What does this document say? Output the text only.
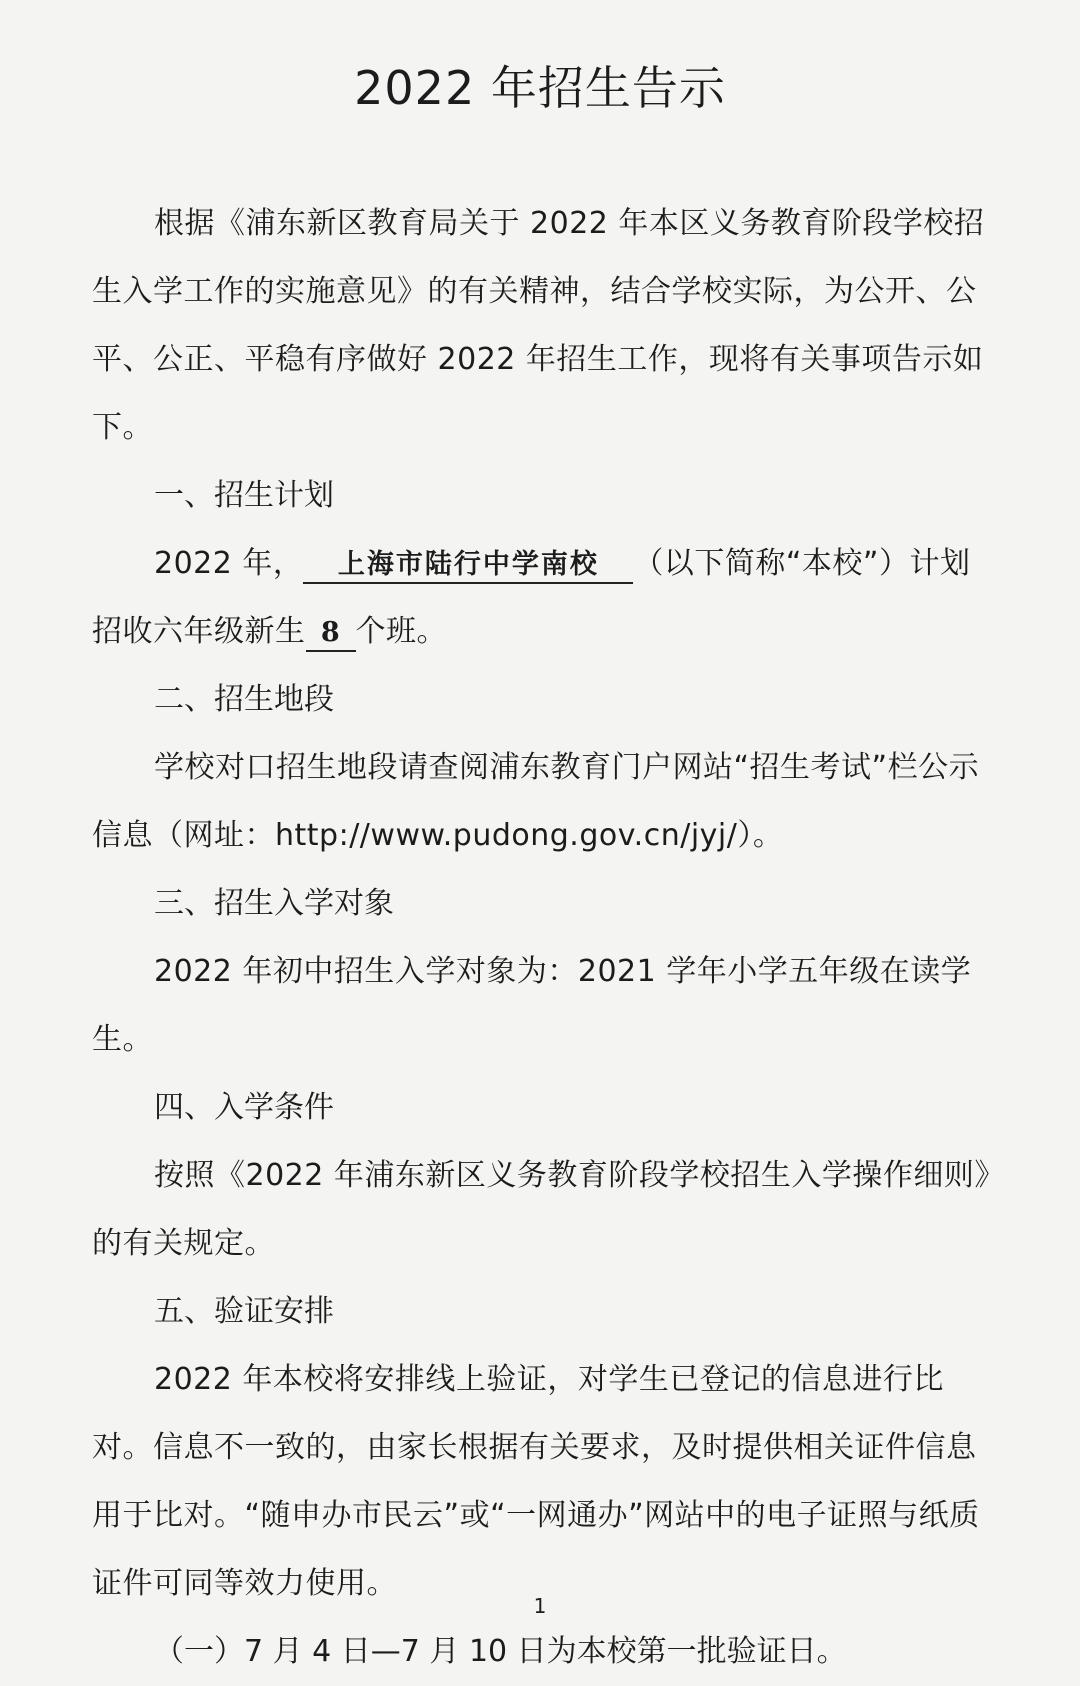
2022 年招生告示

根据《浦东新区教育局关于 2022 年本区义务教育阶段学校招生入学工作的实施意见》的有关精神，结合学校实际，为公开、公平、公正、平稳有序做好 2022 年招生工作，现将有关事项告示如下。

一、招生计划

2022 年， 上海市陆行中学南校 （以下简称“本校”）计划招收六年级新生 8 个班。

二、招生地段

学校对口招生地段请查阅浦东教育门户网站“招生考试”栏公示信息（网址：http://www.pudong.gov.cn/jyj/）。

三、招生入学对象

2022 年初中招生入学对象为：2021 学年小学五年级在读学生。

四、入学条件

按照《2022 年浦东新区义务教育阶段学校招生入学操作细则》的有关规定。

五、验证安排

2022 年本校将安排线上验证，对学生已登记的信息进行比对。信息不一致的，由家长根据有关要求，及时提供相关证件信息用于比对。“随申办市民云”或“一网通办”网站中的电子证照与纸质证件可同等效力使用。

（一）7 月 4 日—7 月 10 日为本校第一批验证日。

1
